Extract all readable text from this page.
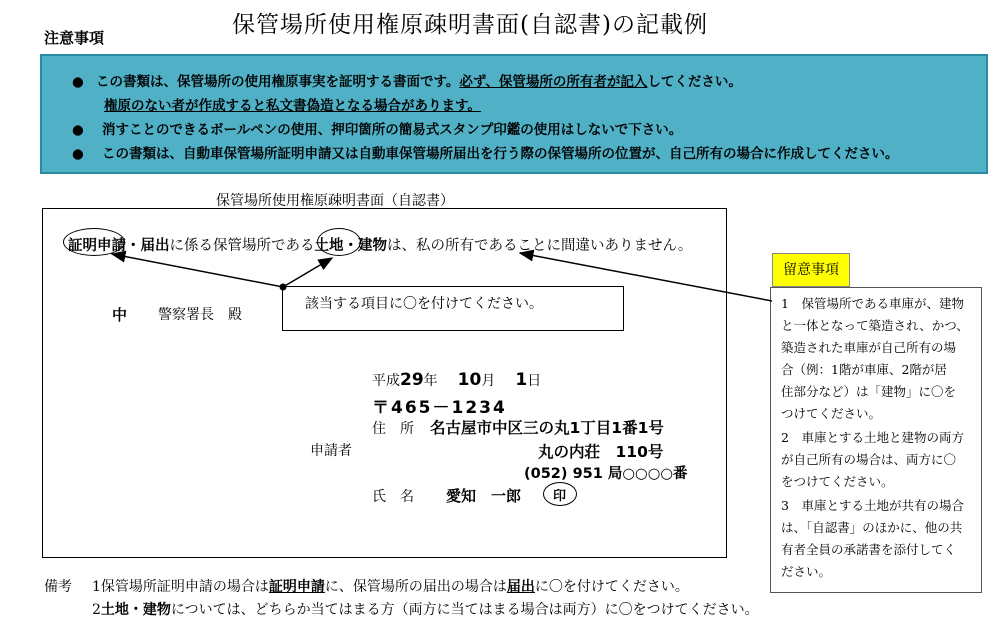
保管場所使用権原疎明書面(自認書)の記載例
注意事項
● この書類は、保管場所の使用権原事実を証明する書面です。必ず、保管場所の所有者が記入してください。
権原のない者が作成すると私文書偽造となる場合があります。
● 消すことのできるボールペンの使用、押印箇所の簡易式スタンプ印鑑の使用はしないで下さい。
● この書類は、自動車保管場所証明申請又は自動車保管場所届出を行う際の保管場所の位置が、自己所有の場合に作成してください。
保管場所使用権原疎明書面（自認書）
証明申請・届出に係る保管場所である土地・建物は、私の所有であることに間違いありません。
該当する項目に〇を付けてください。
中 警察署長　殿
平成29年 10月 1日
〒465－1234
住　所 名古屋市中区三の丸1丁目1番1号
申請者	丸の内荘　110号
(052) 951 局○○○○番
氏　名 愛知　一郎 印
留意事項
1　保管場所である車庫が、建物
と一体となって築造され、かつ、
築造された車庫が自己所有の場
合（例：1階が車庫、2階が居
住部分など）は「建物」に〇を
つけてください。
2　車庫とする土地と建物の両方
が自己所有の場合は、両方に〇
をつけてください。
3　車庫とする土地が共有の場合
は、「自認書」のほかに、他の共
有者全員の承諾書を添付してく
ださい。
備考 1保管場所証明申請の場合は証明申請に、保管場所の届出の場合は届出に〇を付けてください。
2土地・建物については、どちらか当てはまる方（両方に当てはまる場合は両方）に〇をつけてください。
